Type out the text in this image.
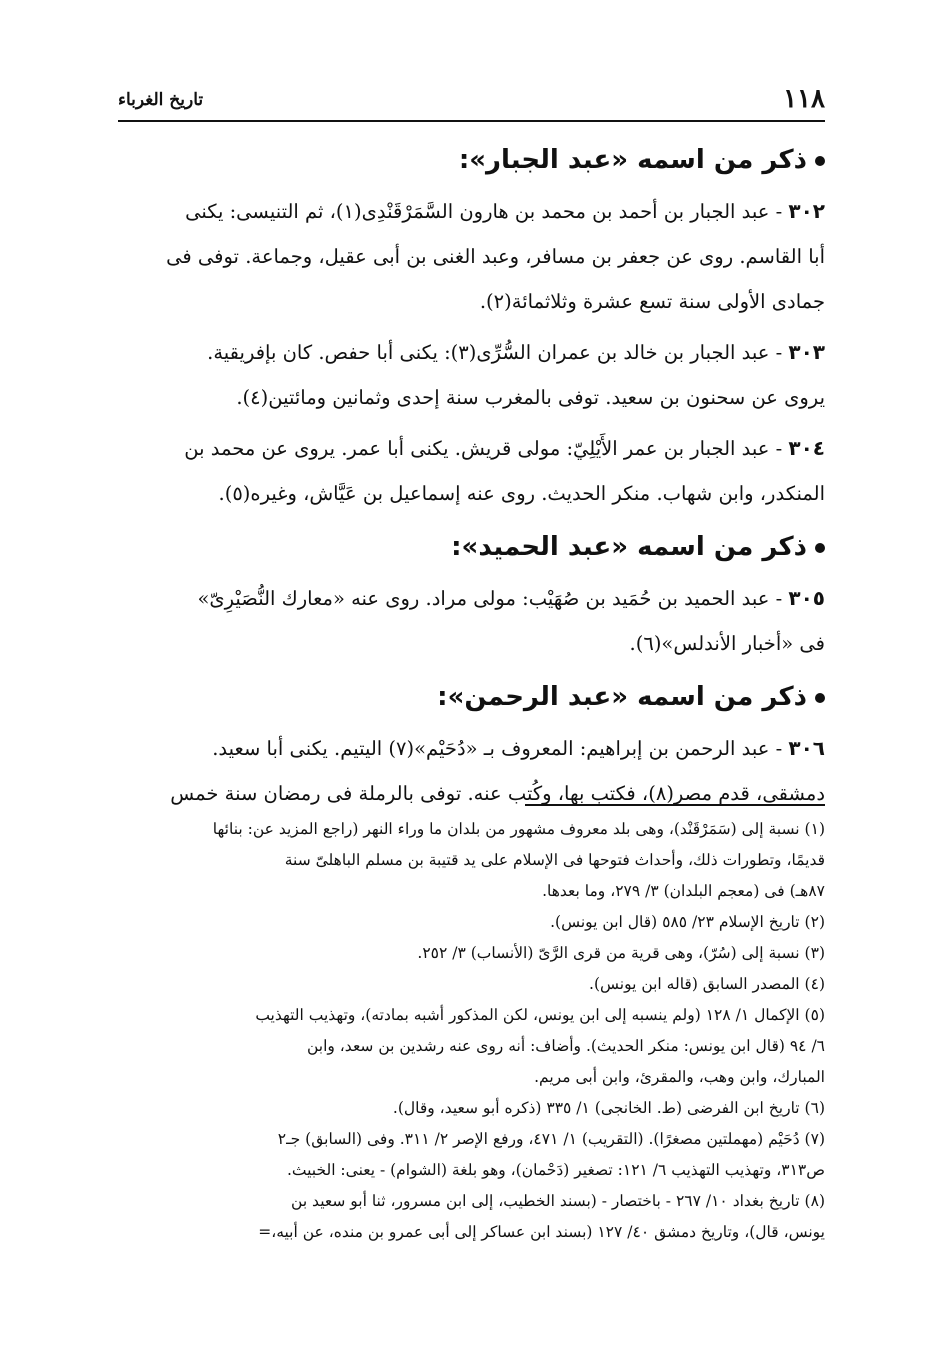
١١٨
تاريخ الغرباء
ذكر من اسمه «عبد الجبار»:

٣٠٢ - عبد الجبار بن أحمد بن محمد بن هارون السَّمَرْقَنْدِى(١)، ثم التنيسى: يكنى

أبا القاسم. روى عن جعفر بن مسافر، وعبد الغنى بن أبى عقيل، وجماعة. توفى فى

جمادى الأولى سنة تسع عشرة وثلاثمائة(٢).

٣٠٣ - عبد الجبار بن خالد بن عمران السُّرِّى(٣): يكنى أبا حفص. كان بإفريقية.

يروى عن سحنون بن سعيد. توفى بالمغرب سنة إحدى وثمانين ومائتين(٤).

٣٠٤ - عبد الجبار بن عمر الأَيْلِيّ: مولى قريش. يكنى أبا عمر. يروى عن محمد بن

المنكدر، وابن شهاب. منكر الحديث. روى عنه إسماعيل بن عَيَّاش، وغيره(٥).

ذكر من اسمه «عبد الحميد»:

٣٠٥ - عبد الحميد بن حُمَيد بن صُهَيْب: مولى مراد. روى عنه «معارك النُّصَيْرِىّ»

فى «أخبار الأندلس»(٦).

ذكر من اسمه «عبد الرحمن»:

٣٠٦ - عبد الرحمن بن إبراهيم: المعروف بـ «دُحَيْم»(٧) اليتيم. يكنى أبا سعيد.

دمشقى، قدم مصر(٨)، فكتب بها، وكُتب عنه. توفى بالرملة فى رمضان سنة خمس

(١) نسبة إلى (سَمَرْقَنْد)، وهى بلد معروف مشهور من بلدان ما وراء النهر (راجع المزيد عن: بنائها

قديمًا، وتطورات ذلك، وأحداث فتوحها فى الإسلام على يد قتيبة بن مسلم الباهلىّ سنة

٨٧هـ) فى (معجم البلدان) ٣/ ٢٧٩، وما بعدها.

(٢) تاريخ الإسلام ٢٣/ ٥٨٥ (قال ابن يونس).

(٣) نسبة إلى (سُرّ)، وهى قرية من قرى الرَّىّ (الأنساب) ٣/ ٢٥٢.

(٤) المصدر السابق (قاله ابن يونس).

(٥) الإكمال ١/ ١٢٨ (ولم ينسبه إلى ابن يونس، لكن المذكور أشبه بمادته)، وتهذيب التهذيب

٦/ ٩٤ (قال ابن يونس: منكر الحديث). وأضاف: أنه روى عنه رشدين بن سعد، وابن

المبارك، وابن وهب، والمقرئ، وابن أبى مريم.

(٦) تاريخ ابن الفرضى (ط. الخانجى) ١/ ٣٣٥ (ذكره أبو سعيد، وقال).

(٧) دُحَيْم (مهملتين مصغرًا). (التقريب) ١/ ٤٧١، ورفع الإصر ٢/ ٣١١. وفى (السابق) جـ٢

ص٣١٣، وتهذيب التهذيب ٦/ ١٢١: تصغير (دَحْمان)، وهو بلغة (الشوام) - يعنى: الخبيث.

(٨) تاريخ بغداد ١٠/ ٢٦٧ - باختصار - (بسند الخطيب، إلى ابن مسرور، ثنا أبو سعيد بن

يونس، قال)، وتاريخ دمشق ٤٠/ ١٢٧ (بسند ابن عساكر إلى أبى عمرو بن منده، عن أبيه،=
